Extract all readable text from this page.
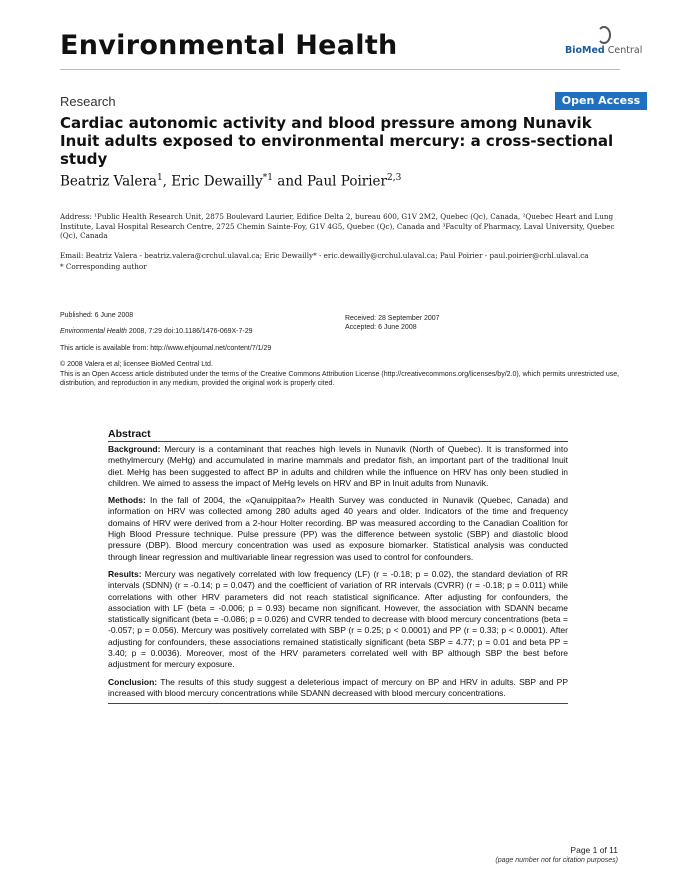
Environmental Health	BioMed Central
Research	Open Access
Cardiac autonomic activity and blood pressure among Nunavik Inuit adults exposed to environmental mercury: a cross-sectional study
Beatriz Valera$^1$, Eric Dewailly$^{*1}$ and Paul Poirier$^{2,3}$
Address: ¹Public Health Research Unit, 2875 Boulevard Laurier, Edifice Delta 2, bureau 600, G1V 2M2, Quebec (Qc), Canada, ²Quebec Heart and Lung Institute, Laval Hospital Research Centre, 2725 Chemin Sainte-Foy, G1V 4G5, Quebec (Qc), Canada and ³Faculty of Pharmacy, Laval University, Quebec (Qc), Canada
Email: Beatriz Valera - beatriz.valera@crchul.ulaval.ca; Eric Dewailly* - eric.dewailly@crchul.ulaval.ca; Paul Poirier - paul.poirier@crhl.ulaval.ca
* Corresponding author
Published: 6 June 2008
Environmental Health 2008, 7:29 doi:10.1186/1476-069X-7-29
Received: 28 September 2007
Accepted: 6 June 2008
This article is available from: http://www.ehjournal.net/content/7/1/29
© 2008 Valera et al; licensee BioMed Central Ltd.
This is an Open Access article distributed under the terms of the Creative Commons Attribution License (http://creativecommons.org/licenses/by/2.0), which permits unrestricted use, distribution, and reproduction in any medium, provided the original work is properly cited.
Abstract

Background: Mercury is a contaminant that reaches high levels in Nunavik (North of Quebec). It is transformed into methylmercury (MeHg) and accumulated in marine mammals and predator fish, an important part of the traditional Inuit diet. MeHg has been suggested to affect BP in adults and children while the influence on HRV has only been studied in children. We aimed to assess the impact of MeHg levels on HRV and BP in Inuit adults from Nunavik.

Methods: In the fall of 2004, the «Qanuippitaa?» Health Survey was conducted in Nunavik (Quebec, Canada) and information on HRV was collected among 280 adults aged 40 years and older. Indicators of the time and frequency domains of HRV were derived from a 2-hour Holter recording. BP was measured according to the Canadian Coalition for High Blood Pressure technique. Pulse pressure (PP) was the difference between systolic (SBP) and diastolic blood pressure (DBP). Blood mercury concentration was used as exposure biomarker. Statistical analysis was conducted through linear regression and multivariable linear regression was used to control for confounders.

Results: Mercury was negatively correlated with low frequency (LF) (r = -0.18; p = 0.02), the standard deviation of RR intervals (SDNN) (r = -0.14; p = 0.047) and the coefficient of variation of RR intervals (CVRR) (r = -0.18; p = 0.011) while correlations with other HRV parameters did not reach statistical significance. After adjusting for confounders, the association with LF (beta = -0.006; p = 0.93) became non significant. However, the association with SDANN became statistically significant (beta = -0.086; p = 0.026) and CVRR tended to decrease with blood mercury concentrations (beta = -0.057; p = 0.056). Mercury was positively correlated with SBP (r = 0.25; p < 0.0001) and PP (r = 0.33; p < 0.0001). After adjusting for confounders, these associations remained statistically significant (beta SBP = 4.77; p = 0.01 and beta PP = 3.40; p = 0.0036). Moreover, most of the HRV parameters correlated well with BP although SBP the best before adjustment for mercury exposure.

Conclusion: The results of this study suggest a deleterious impact of mercury on BP and HRV in adults. SBP and PP increased with blood mercury concentrations while SDANN decreased with blood mercury concentrations.

Page 1 of 11
(page number not for citation purposes)
